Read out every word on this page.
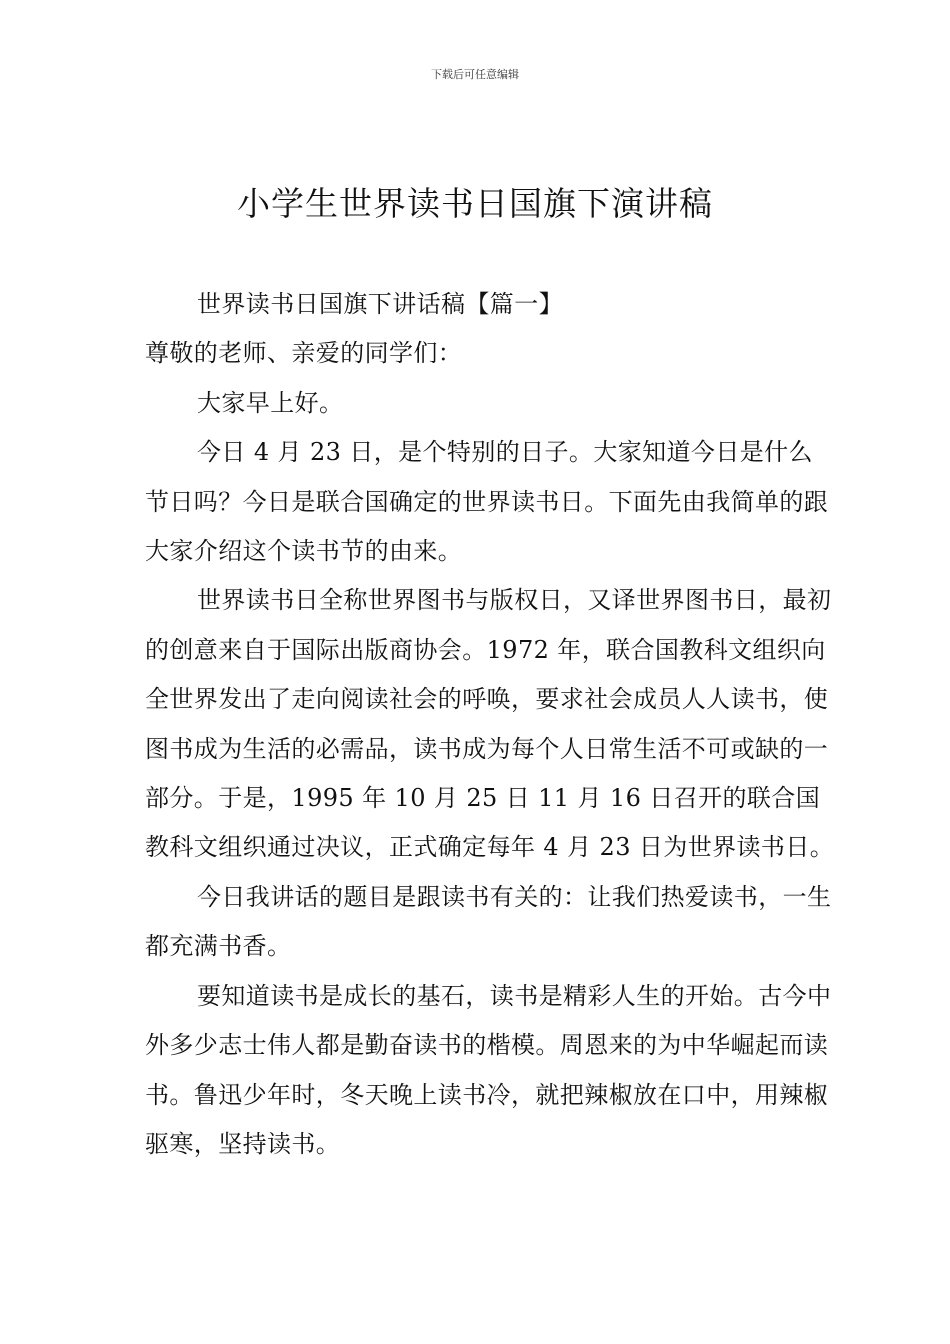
下载后可任意编辑
小学生世界读书日国旗下演讲稿

世界读书日国旗下讲话稿【篇一】

尊敬的老师、亲爱的同学们：

大家早上好。

今日 4 月 23 日，是个特别的日子。大家知道今日是什么节日吗？今日是联合国确定的世界读书日。下面先由我简单的跟大家介绍这个读书节的由来。

世界读书日全称世界图书与版权日，又译世界图书日，最初的创意来自于国际出版商协会。1972 年，联合国教科文组织向全世界发出了走向阅读社会的呼唤，要求社会成员人人读书，使图书成为生活的必需品，读书成为每个人日常生活不可或缺的一部分。于是，1995 年 10 月 25 日 11 月 16 日召开的联合国教科文组织通过决议，正式确定每年 4 月 23 日为世界读书日。

今日我讲话的题目是跟读书有关的：让我们热爱读书，一生都充满书香。

要知道读书是成长的基石，读书是精彩人生的开始。古今中外多少志士伟人都是勤奋读书的楷模。周恩来的为中华崛起而读书。鲁迅少年时，冬天晚上读书冷，就把辣椒放在口中，用辣椒驱寒，坚持读书。
